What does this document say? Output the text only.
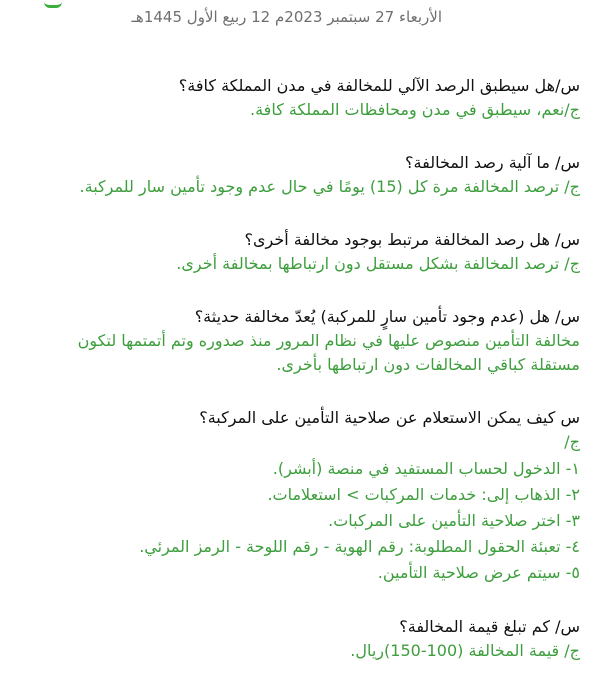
الأربعاء 27 سبتمبر 2023م 12 ربيع الأول 1445هـ
س/هل سيطبق الرصد الآلي للمخالفة في مدن المملكة كافة؟
ج/نعم، سيطبق في مدن ومحافظات المملكة كافة.
س/ ما آلية رصد المخالفة؟
ج/ ترصد المخالفة مرة كل (15) يومًا في حال عدم وجود تأمين سار للمركبة.
س/ هل رصد المخالفة مرتبط بوجود مخالفة أخرى؟
ج/ ترصد المخالفة بشكل مستقل دون ارتباطها بمخالفة أخرى.
س/ هل (عدم وجود تأمين سارٍ للمركبة) يُعدّ مخالفة حديثة؟
مخالفة التأمين منصوص عليها في نظام المرور منذ صدوره وتم أتمتمها لتكون
مستقلة كباقي المخالفات دون ارتباطها بأخرى.
س كيف يمكن الاستعلام عن صلاحية التأمين على المركبة؟
ج/
١- الدخول لحساب المستفيد في منصة (أبشر).
٢- الذهاب إلى: خدمات المركبات > استعلامات.
٣- اختر صلاحية التأمين على المركبات.
٤- تعبئة الحقول المطلوبة: رقم الهوية - رقم اللوحة - الرمز المرئي.
٥- سيتم عرض صلاحية التأمين.
س/ كم تبلغ قيمة المخالفة؟
ج/ قيمة المخالفة (100-150)ريال.
